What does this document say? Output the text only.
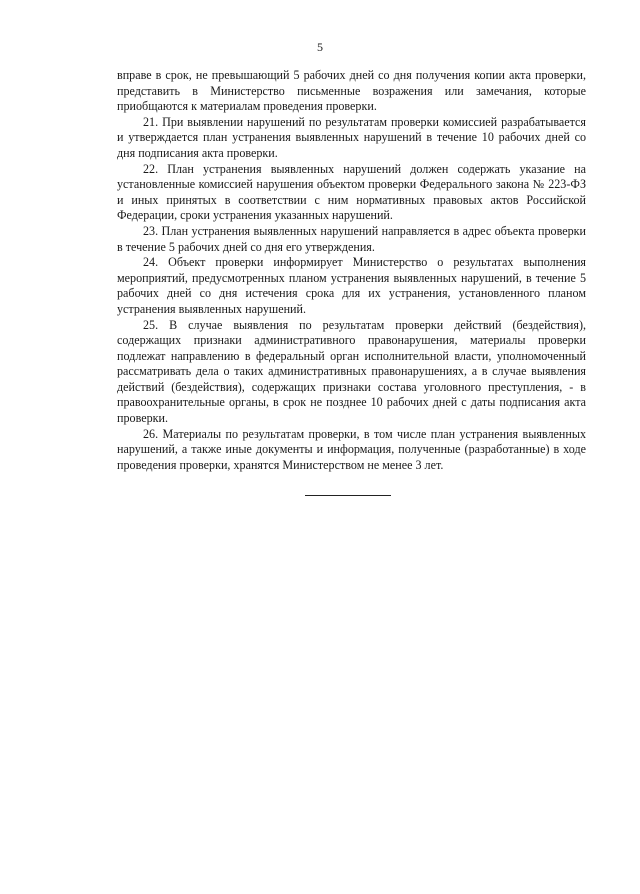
5

вправе в срок, не превышающий 5 рабочих дней со дня получения копии акта проверки, представить в Министерство письменные возражения или замечания, которые приобщаются к материалам проведения проверки.

21. При выявлении нарушений по результатам проверки комиссией разрабатывается и утверждается план устранения выявленных нарушений в течение 10 рабочих дней со дня подписания акта проверки.

22. План устранения выявленных нарушений должен содержать указание на установленные комиссией нарушения объектом проверки Федерального закона № 223-ФЗ и иных принятых в соответствии с ним нормативных правовых актов Российской Федерации, сроки устранения указанных нарушений.

23. План устранения выявленных нарушений направляется в адрес объекта проверки в течение 5 рабочих дней со дня его утверждения.

24. Объект проверки информирует Министерство о результатах выполнения мероприятий, предусмотренных планом устранения выявленных нарушений, в течение 5 рабочих дней со дня истечения срока для их устранения, установленного планом устранения выявленных нарушений.

25. В случае выявления по результатам проверки действий (бездействия), содержащих признаки административного правонарушения, материалы проверки подлежат направлению в федеральный орган исполнительной власти, уполномоченный рассматривать дела о таких административных правонарушениях, а в случае выявления действий (бездействия), содержащих признаки состава уголовного преступления, - в правоохранительные органы, в срок не позднее 10 рабочих дней с даты подписания акта проверки.

26. Материалы по результатам проверки, в том числе план устранения выявленных нарушений, а также иные документы и информация, полученные (разработанные) в ходе проведения проверки, хранятся Министерством не менее 3 лет.
